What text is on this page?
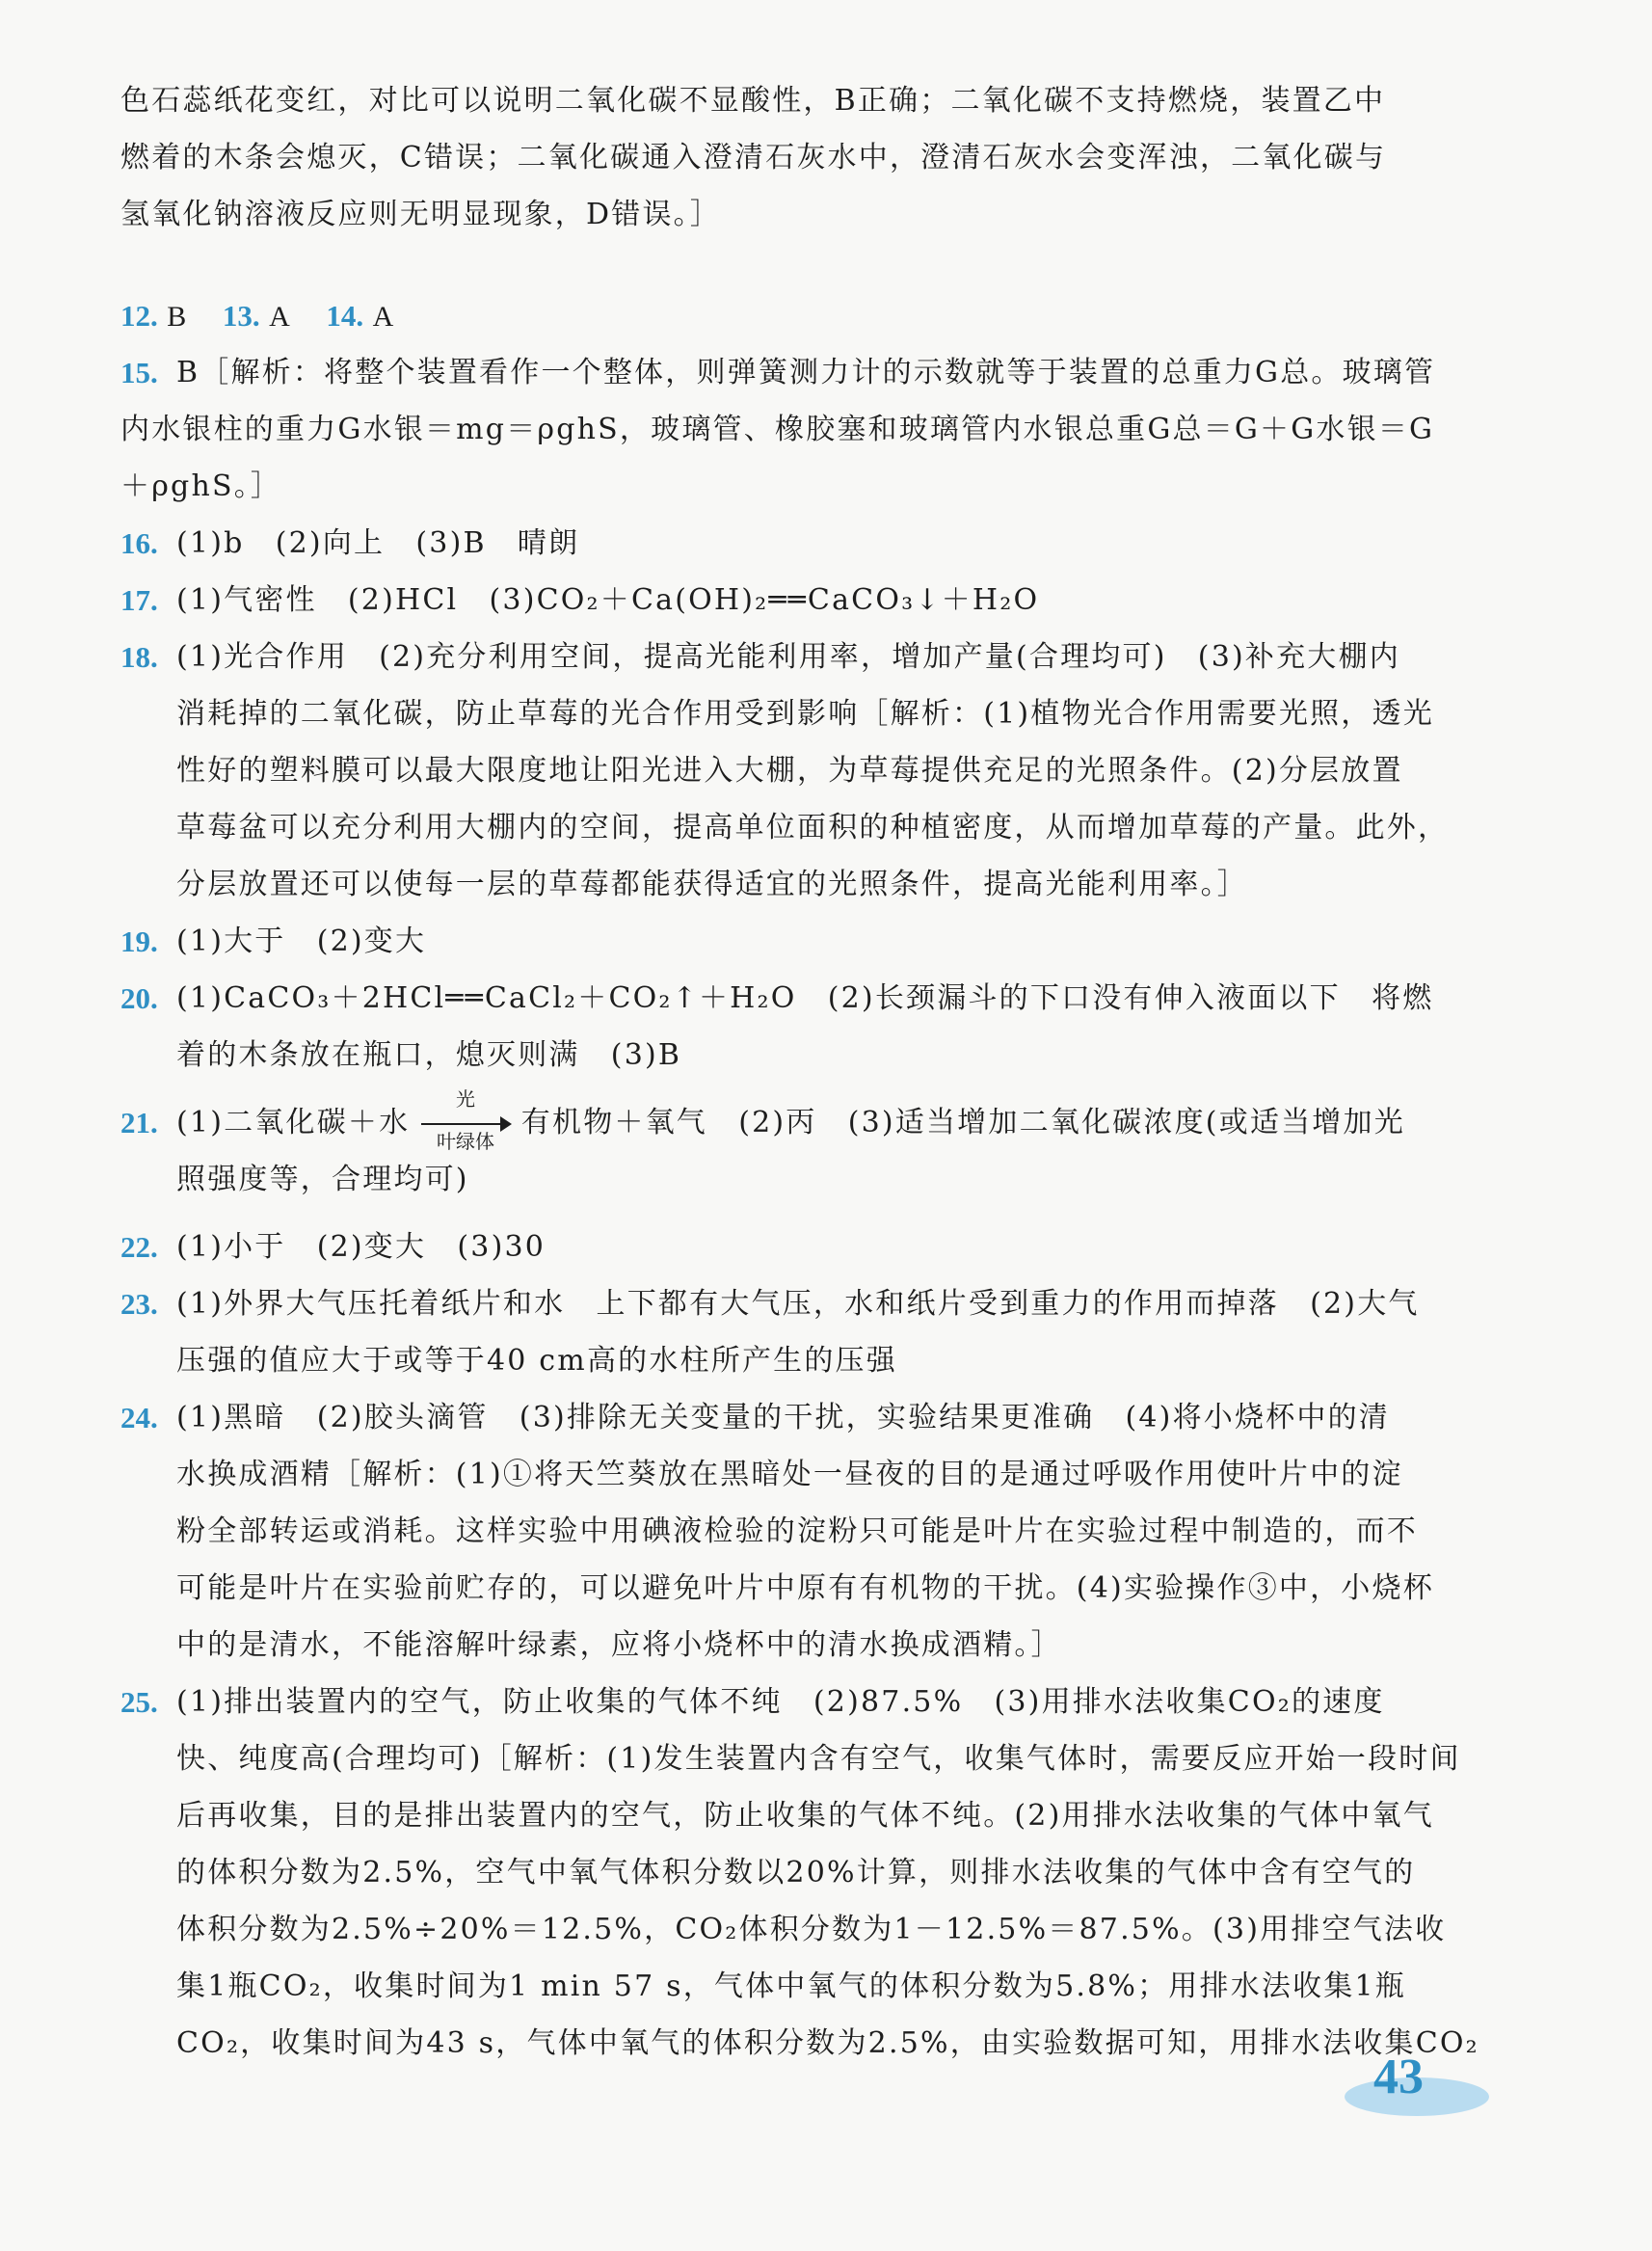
色石蕊纸花变红，对比可以说明二氧化碳不显酸性，B正确；二氧化碳不支持燃烧，装置乙中
燃着的木条会熄灭，C错误；二氧化碳通入澄清石灰水中，澄清石灰水会变浑浊，二氧化碳与
氢氧化钠溶液反应则无明显现象，D错误。］
12. B 13. A 14. A
15. B［解析：将整个装置看作一个整体，则弹簧测力计的示数就等于装置的总重力G总。玻璃管
内水银柱的重力G水银＝mg＝ρghS，玻璃管、橡胶塞和玻璃管内水银总重G总＝G＋G水银＝G
＋ρghS。］
16. (1)b　(2)向上　(3)B　晴朗
17. (1)气密性　(2)HCl　(3)CO₂＋Ca(OH)₂══CaCO₃↓＋H₂O
18. (1)光合作用　(2)充分利用空间，提高光能利用率，增加产量(合理均可)　(3)补充大棚内
消耗掉的二氧化碳，防止草莓的光合作用受到影响［解析：(1)植物光合作用需要光照，透光
性好的塑料膜可以最大限度地让阳光进入大棚，为草莓提供充足的光照条件。(2)分层放置
草莓盆可以充分利用大棚内的空间，提高单位面积的种植密度，从而增加草莓的产量。此外，
分层放置还可以使每一层的草莓都能获得适宜的光照条件，提高光能利用率。］
19. (1)大于　(2)变大
20. (1)CaCO₃＋2HCl══CaCl₂＋CO₂↑＋H₂O　(2)长颈漏斗的下口没有伸入液面以下　将燃
着的木条放在瓶口，熄灭则满　(3)B
21. (1)二氧化碳＋水
光
叶绿体
有机物＋氧气　(2)丙　(3)适当增加二氧化碳浓度(或适当增加光
照强度等，合理均可)
22. (1)小于　(2)变大　(3)30
23. (1)外界大气压托着纸片和水　上下都有大气压，水和纸片受到重力的作用而掉落　(2)大气
压强的值应大于或等于40 cm高的水柱所产生的压强
24. (1)黑暗　(2)胶头滴管　(3)排除无关变量的干扰，实验结果更准确　(4)将小烧杯中的清
水换成酒精［解析：(1)①将天竺葵放在黑暗处一昼夜的目的是通过呼吸作用使叶片中的淀
粉全部转运或消耗。这样实验中用碘液检验的淀粉只可能是叶片在实验过程中制造的，而不
可能是叶片在实验前贮存的，可以避免叶片中原有有机物的干扰。(4)实验操作③中，小烧杯
中的是清水，不能溶解叶绿素，应将小烧杯中的清水换成酒精。］
25. (1)排出装置内的空气，防止收集的气体不纯　(2)87.5%　(3)用排水法收集CO₂的速度
快、纯度高(合理均可)［解析：(1)发生装置内含有空气，收集气体时，需要反应开始一段时间
后再收集，目的是排出装置内的空气，防止收集的气体不纯。(2)用排水法收集的气体中氧气
的体积分数为2.5%，空气中氧气体积分数以20%计算，则排水法收集的气体中含有空气的
体积分数为2.5%÷20%＝12.5%，CO₂体积分数为1－12.5%＝87.5%。(3)用排空气法收
集1瓶CO₂，收集时间为1 min 57 s，气体中氧气的体积分数为5.8%；用排水法收集1瓶
CO₂，收集时间为43 s，气体中氧气的体积分数为2.5%，由实验数据可知，用排水法收集CO₂
43
